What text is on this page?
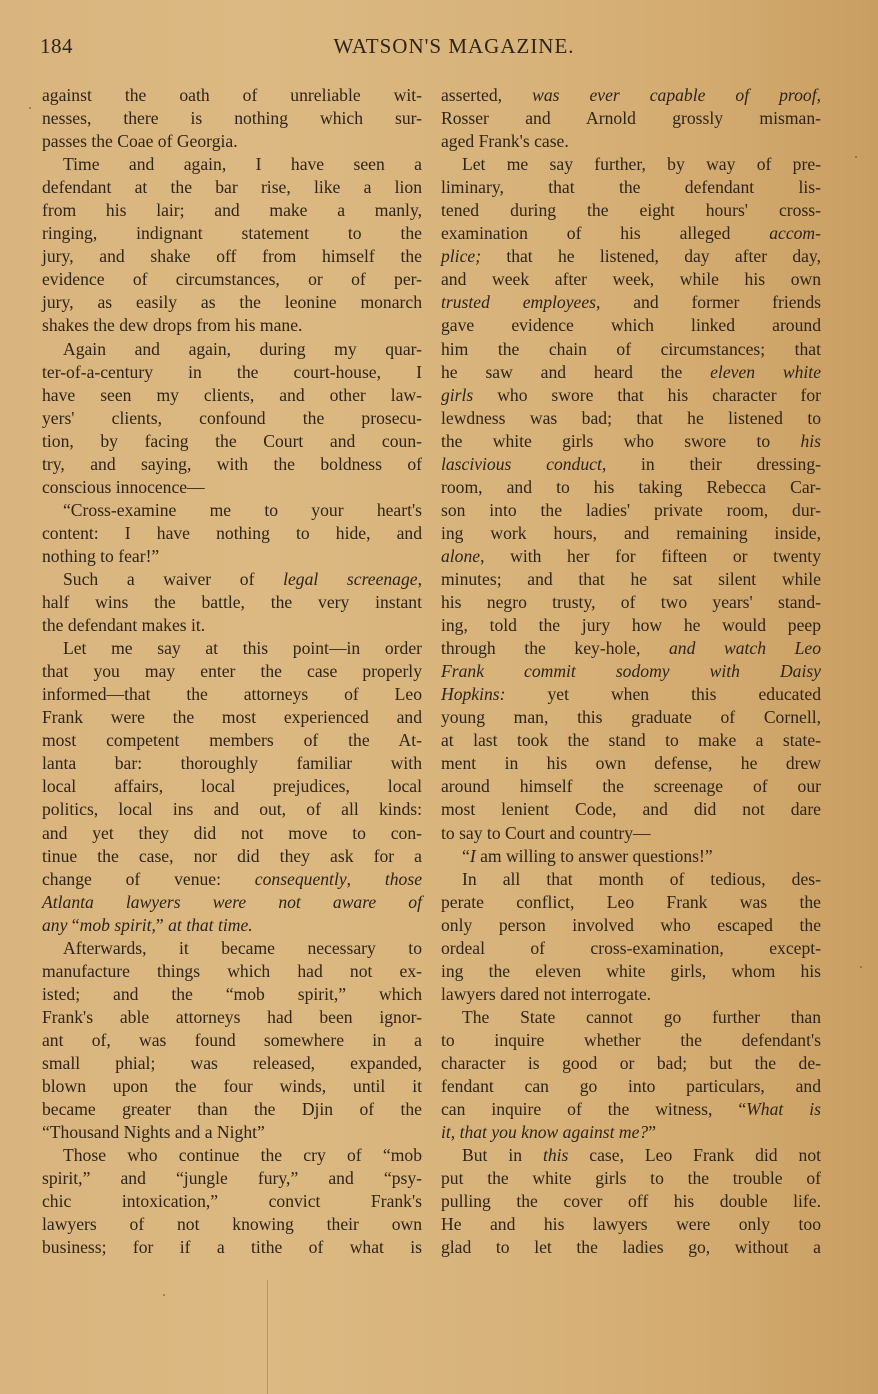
184	WATSON'S MAGAZINE.
against the oath of unreliable wit-
nesses, there is nothing which sur-
passes the Coae of Georgia.
Time and again, I have seen a
defendant at the bar rise, like a lion
from his lair; and make a manly,
ringing, indignant statement to the
jury, and shake off from himself the
evidence of circumstances, or of per-
jury, as easily as the leonine monarch
shakes the dew drops from his mane.
Again and again, during my quar-
ter-of-a-century in the court-house, I
have seen my clients, and other law-
yers' clients, confound the prosecu-
tion, by facing the Court and coun-
try, and saying, with the boldness of
conscious innocence—
“Cross-examine me to your heart's
content: I have nothing to hide, and
nothing to fear!”
Such a waiver of legal screenage,
half wins the battle, the very instant
the defendant makes it.
Let me say at this point—in order
that you may enter the case properly
informed—that the attorneys of Leo
Frank were the most experienced and
most competent members of the At-
lanta bar: thoroughly familiar with
local affairs, local prejudices, local
politics, local ins and out, of all kinds:
and yet they did not move to con-
tinue the case, nor did they ask for a
change of venue: consequently, those
Atlanta lawyers were not aware of
any “mob spirit,” at that time.
Afterwards, it became necessary to
manufacture things which had not ex-
isted; and the “mob spirit,” which
Frank's able attorneys had been ignor-
ant of, was found somewhere in a
small phial; was released, expanded,
blown upon the four winds, until it
became greater than the Djin of the
“Thousand Nights and a Night”
Those who continue the cry of “mob
spirit,” and “jungle fury,” and “psy-
chic intoxication,” convict Frank's
lawyers of not knowing their own
business; for if a tithe of what is
asserted, was ever capable of proof,
Rosser and Arnold grossly misman-
aged Frank's case.
Let me say further, by way of pre-
liminary, that the defendant lis-
tened during the eight hours' cross-
examination of his alleged accom-
plice; that he listened, day after day,
and week after week, while his own
trusted employees, and former friends
gave evidence which linked around
him the chain of circumstances; that
he saw and heard the eleven white
girls who swore that his character for
lewdness was bad; that he listened to
the white girls who swore to his
lascivious conduct, in their dressing-
room, and to his taking Rebecca Car-
son into the ladies' private room, dur-
ing work hours, and remaining inside,
alone, with her for fifteen or twenty
minutes; and that he sat silent while
his negro trusty, of two years' stand-
ing, told the jury how he would peep
through the key-hole, and watch Leo
Frank commit sodomy with Daisy
Hopkins: yet when this educated
young man, this graduate of Cornell,
at last took the stand to make a state-
ment in his own defense, he drew
around himself the screenage of our
most lenient Code, and did not dare
to say to Court and country—
“I am willing to answer questions!”
In all that month of tedious, des-
perate conflict, Leo Frank was the
only person involved who escaped the
ordeal of cross-examination, except-
ing the eleven white girls, whom his
lawyers dared not interrogate.
The State cannot go further than
to inquire whether the defendant's
character is good or bad; but the de-
fendant can go into particulars, and
can inquire of the witness, “What is
it, that you know against me?”
But in this case, Leo Frank did not
put the white girls to the trouble of
pulling the cover off his double life.
He and his lawyers were only too
glad to let the ladies go, without a
